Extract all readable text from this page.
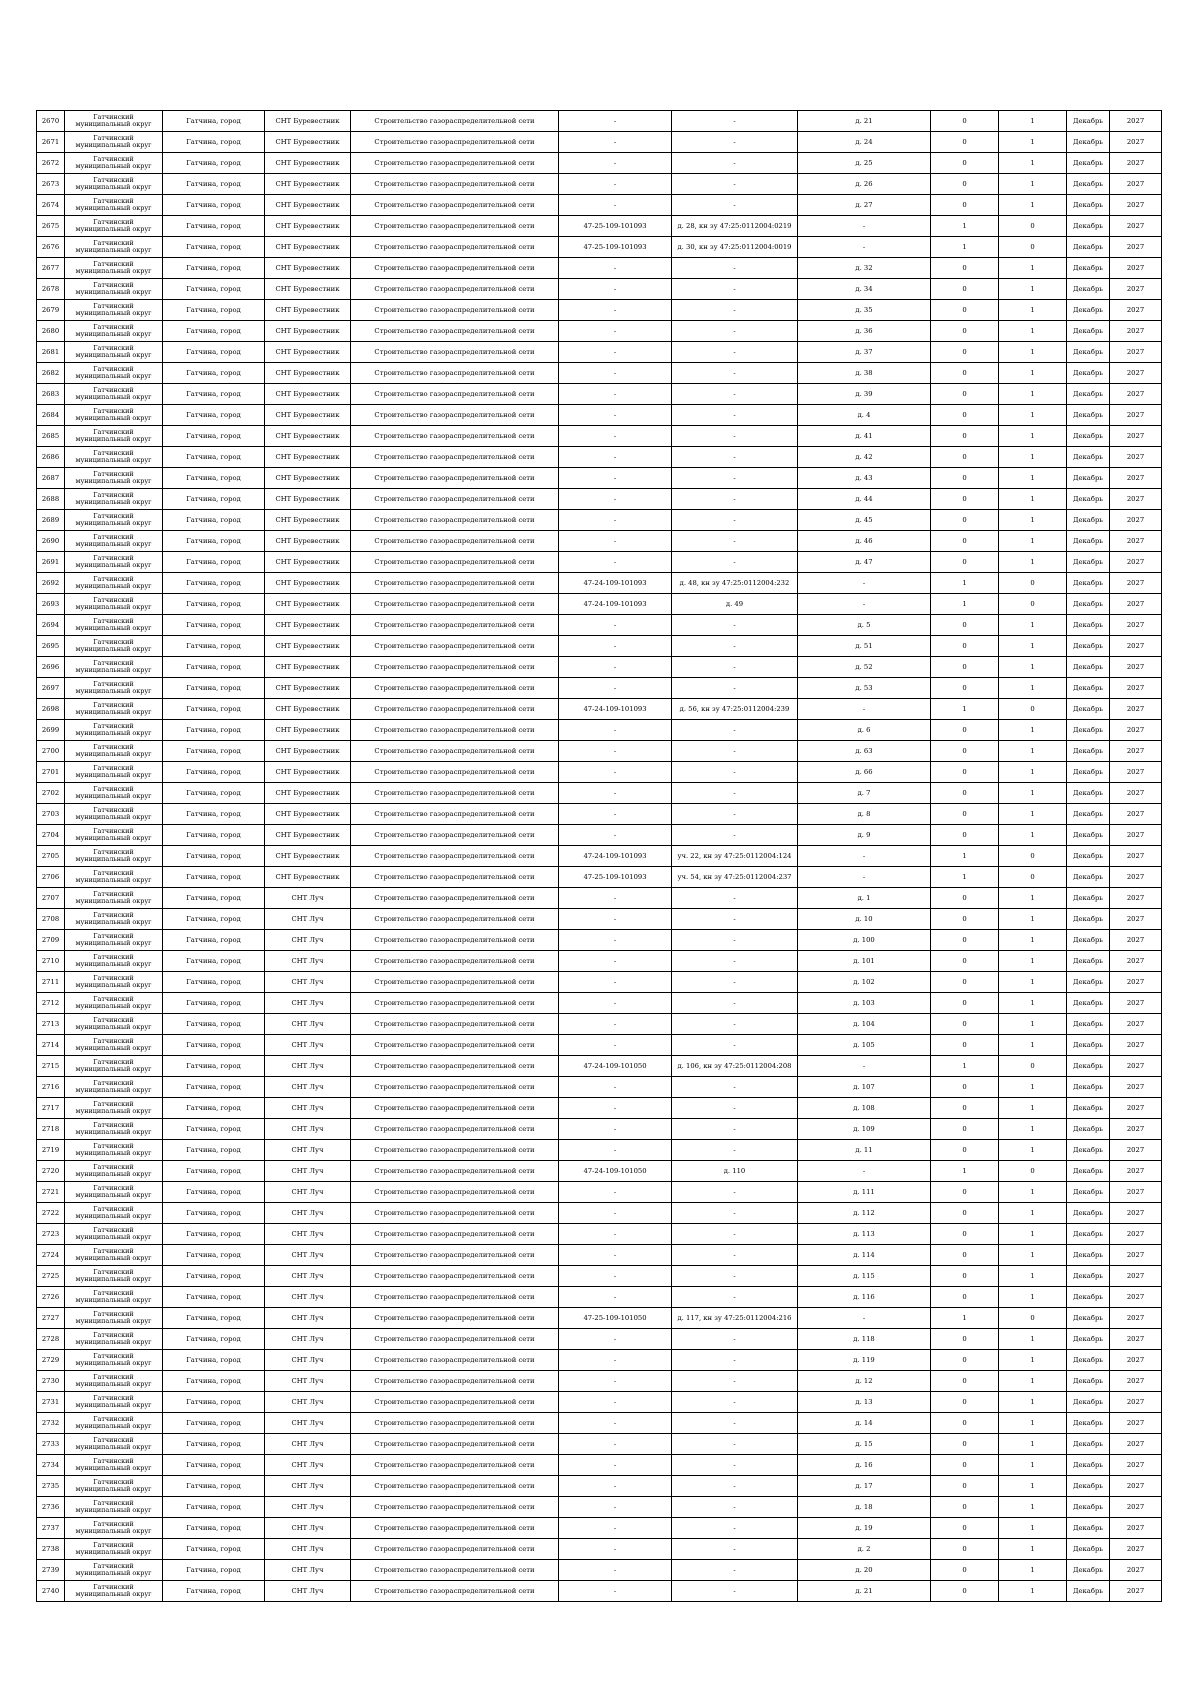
2670	Гатчинский муниципальный округ	Гатчина, город	СНТ Буревестник	Строительство газораспределительной сети	-	-	д. 21	0	1	Декабрь	2027
2671	Гатчинский муниципальный округ	Гатчина, город	СНТ Буревестник	Строительство газораспределительной сети	-	-	д. 24	0	1	Декабрь	2027
2672	Гатчинский муниципальный округ	Гатчина, город	СНТ Буревестник	Строительство газораспределительной сети	-	-	д. 25	0	1	Декабрь	2027
2673	Гатчинский муниципальный округ	Гатчина, город	СНТ Буревестник	Строительство газораспределительной сети	-	-	д. 26	0	1	Декабрь	2027
2674	Гатчинский муниципальный округ	Гатчина, город	СНТ Буревестник	Строительство газораспределительной сети	-	-	д. 27	0	1	Декабрь	2027
2675	Гатчинский муниципальный округ	Гатчина, город	СНТ Буревестник	Строительство газораспределительной сети	47-25-109-101093	д. 28, кн зу 47:25:0112004:0219	-	1	0	Декабрь	2027
2676	Гатчинский муниципальный округ	Гатчина, город	СНТ Буревестник	Строительство газораспределительной сети	47-25-109-101093	д. 30, кн зу 47:25:0112004:0019	-	1	0	Декабрь	2027
2677	Гатчинский муниципальный округ	Гатчина, город	СНТ Буревестник	Строительство газораспределительной сети	-	-	д. 32	0	1	Декабрь	2027
2678	Гатчинский муниципальный округ	Гатчина, город	СНТ Буревестник	Строительство газораспределительной сети	-	-	д. 34	0	1	Декабрь	2027
2679	Гатчинский муниципальный округ	Гатчина, город	СНТ Буревестник	Строительство газораспределительной сети	-	-	д. 35	0	1	Декабрь	2027
2680	Гатчинский муниципальный округ	Гатчина, город	СНТ Буревестник	Строительство газораспределительной сети	-	-	д. 36	0	1	Декабрь	2027
2681	Гатчинский муниципальный округ	Гатчина, город	СНТ Буревестник	Строительство газораспределительной сети	-	-	д. 37	0	1	Декабрь	2027
2682	Гатчинский муниципальный округ	Гатчина, город	СНТ Буревестник	Строительство газораспределительной сети	-	-	д. 38	0	1	Декабрь	2027
2683	Гатчинский муниципальный округ	Гатчина, город	СНТ Буревестник	Строительство газораспределительной сети	-	-	д. 39	0	1	Декабрь	2027
2684	Гатчинский муниципальный округ	Гатчина, город	СНТ Буревестник	Строительство газораспределительной сети	-	-	д. 4	0	1	Декабрь	2027
2685	Гатчинский муниципальный округ	Гатчина, город	СНТ Буревестник	Строительство газораспределительной сети	-	-	д. 41	0	1	Декабрь	2027
2686	Гатчинский муниципальный округ	Гатчина, город	СНТ Буревестник	Строительство газораспределительной сети	-	-	д. 42	0	1	Декабрь	2027
2687	Гатчинский муниципальный округ	Гатчина, город	СНТ Буревестник	Строительство газораспределительной сети	-	-	д. 43	0	1	Декабрь	2027
2688	Гатчинский муниципальный округ	Гатчина, город	СНТ Буревестник	Строительство газораспределительной сети	-	-	д. 44	0	1	Декабрь	2027
2689	Гатчинский муниципальный округ	Гатчина, город	СНТ Буревестник	Строительство газораспределительной сети	-	-	д. 45	0	1	Декабрь	2027
2690	Гатчинский муниципальный округ	Гатчина, город	СНТ Буревестник	Строительство газораспределительной сети	-	-	д. 46	0	1	Декабрь	2027
2691	Гатчинский муниципальный округ	Гатчина, город	СНТ Буревестник	Строительство газораспределительной сети	-	-	д. 47	0	1	Декабрь	2027
2692	Гатчинский муниципальный округ	Гатчина, город	СНТ Буревестник	Строительство газораспределительной сети	47-24-109-101093	д. 48, кн зу 47:25:0112004:232	-	1	0	Декабрь	2027
2693	Гатчинский муниципальный округ	Гатчина, город	СНТ Буревестник	Строительство газораспределительной сети	47-24-109-101093	д. 49	-	1	0	Декабрь	2027
2694	Гатчинский муниципальный округ	Гатчина, город	СНТ Буревестник	Строительство газораспределительной сети	-	-	д. 5	0	1	Декабрь	2027
2695	Гатчинский муниципальный округ	Гатчина, город	СНТ Буревестник	Строительство газораспределительной сети	-	-	д. 51	0	1	Декабрь	2027
2696	Гатчинский муниципальный округ	Гатчина, город	СНТ Буревестник	Строительство газораспределительной сети	-	-	д. 52	0	1	Декабрь	2027
2697	Гатчинский муниципальный округ	Гатчина, город	СНТ Буревестник	Строительство газораспределительной сети	-	-	д. 53	0	1	Декабрь	2027
2698	Гатчинский муниципальный округ	Гатчина, город	СНТ Буревестник	Строительство газораспределительной сети	47-24-109-101093	д. 56, кн зу 47:25:0112004:239	-	1	0	Декабрь	2027
2699	Гатчинский муниципальный округ	Гатчина, город	СНТ Буревестник	Строительство газораспределительной сети	-	-	д. 6	0	1	Декабрь	2027
2700	Гатчинский муниципальный округ	Гатчина, город	СНТ Буревестник	Строительство газораспределительной сети	-	-	д. 63	0	1	Декабрь	2027
2701	Гатчинский муниципальный округ	Гатчина, город	СНТ Буревестник	Строительство газораспределительной сети	-	-	д. 66	0	1	Декабрь	2027
2702	Гатчинский муниципальный округ	Гатчина, город	СНТ Буревестник	Строительство газораспределительной сети	-	-	д. 7	0	1	Декабрь	2027
2703	Гатчинский муниципальный округ	Гатчина, город	СНТ Буревестник	Строительство газораспределительной сети	-	-	д. 8	0	1	Декабрь	2027
2704	Гатчинский муниципальный округ	Гатчина, город	СНТ Буревестник	Строительство газораспределительной сети	-	-	д. 9	0	1	Декабрь	2027
2705	Гатчинский муниципальный округ	Гатчина, город	СНТ Буревестник	Строительство газораспределительной сети	47-24-109-101093	уч. 22, кн зу 47:25:0112004:124	-	1	0	Декабрь	2027
2706	Гатчинский муниципальный округ	Гатчина, город	СНТ Буревестник	Строительство газораспределительной сети	47-25-109-101093	уч. 54, кн зу 47:25:0112004:237	-	1	0	Декабрь	2027
2707	Гатчинский муниципальный округ	Гатчина, город	СНТ Луч	Строительство газораспределительной сети	-	-	д. 1	0	1	Декабрь	2027
2708	Гатчинский муниципальный округ	Гатчина, город	СНТ Луч	Строительство газораспределительной сети	-	-	д. 10	0	1	Декабрь	2027
2709	Гатчинский муниципальный округ	Гатчина, город	СНТ Луч	Строительство газораспределительной сети	-	-	д. 100	0	1	Декабрь	2027
2710	Гатчинский муниципальный округ	Гатчина, город	СНТ Луч	Строительство газораспределительной сети	-	-	д. 101	0	1	Декабрь	2027
2711	Гатчинский муниципальный округ	Гатчина, город	СНТ Луч	Строительство газораспределительной сети	-	-	д. 102	0	1	Декабрь	2027
2712	Гатчинский муниципальный округ	Гатчина, город	СНТ Луч	Строительство газораспределительной сети	-	-	д. 103	0	1	Декабрь	2027
2713	Гатчинский муниципальный округ	Гатчина, город	СНТ Луч	Строительство газораспределительной сети	-	-	д. 104	0	1	Декабрь	2027
2714	Гатчинский муниципальный округ	Гатчина, город	СНТ Луч	Строительство газораспределительной сети	-	-	д. 105	0	1	Декабрь	2027
2715	Гатчинский муниципальный округ	Гатчина, город	СНТ Луч	Строительство газораспределительной сети	47-24-109-101050	д. 106, кн зу 47:25:0112004:208	-	1	0	Декабрь	2027
2716	Гатчинский муниципальный округ	Гатчина, город	СНТ Луч	Строительство газораспределительной сети	-	-	д. 107	0	1	Декабрь	2027
2717	Гатчинский муниципальный округ	Гатчина, город	СНТ Луч	Строительство газораспределительной сети	-	-	д. 108	0	1	Декабрь	2027
2718	Гатчинский муниципальный округ	Гатчина, город	СНТ Луч	Строительство газораспределительной сети	-	-	д. 109	0	1	Декабрь	2027
2719	Гатчинский муниципальный округ	Гатчина, город	СНТ Луч	Строительство газораспределительной сети	-	-	д. 11	0	1	Декабрь	2027
2720	Гатчинский муниципальный округ	Гатчина, город	СНТ Луч	Строительство газораспределительной сети	47-24-109-101050	д. 110	-	1	0	Декабрь	2027
2721	Гатчинский муниципальный округ	Гатчина, город	СНТ Луч	Строительство газораспределительной сети	-	-	д. 111	0	1	Декабрь	2027
2722	Гатчинский муниципальный округ	Гатчина, город	СНТ Луч	Строительство газораспределительной сети	-	-	д. 112	0	1	Декабрь	2027
2723	Гатчинский муниципальный округ	Гатчина, город	СНТ Луч	Строительство газораспределительной сети	-	-	д. 113	0	1	Декабрь	2027
2724	Гатчинский муниципальный округ	Гатчина, город	СНТ Луч	Строительство газораспределительной сети	-	-	д. 114	0	1	Декабрь	2027
2725	Гатчинский муниципальный округ	Гатчина, город	СНТ Луч	Строительство газораспределительной сети	-	-	д. 115	0	1	Декабрь	2027
2726	Гатчинский муниципальный округ	Гатчина, город	СНТ Луч	Строительство газораспределительной сети	-	-	д. 116	0	1	Декабрь	2027
2727	Гатчинский муниципальный округ	Гатчина, город	СНТ Луч	Строительство газораспределительной сети	47-25-109-101050	д. 117, кн зу 47:25:0112004:216	-	1	0	Декабрь	2027
2728	Гатчинский муниципальный округ	Гатчина, город	СНТ Луч	Строительство газораспределительной сети	-	-	д. 118	0	1	Декабрь	2027
2729	Гатчинский муниципальный округ	Гатчина, город	СНТ Луч	Строительство газораспределительной сети	-	-	д. 119	0	1	Декабрь	2027
2730	Гатчинский муниципальный округ	Гатчина, город	СНТ Луч	Строительство газораспределительной сети	-	-	д. 12	0	1	Декабрь	2027
2731	Гатчинский муниципальный округ	Гатчина, город	СНТ Луч	Строительство газораспределительной сети	-	-	д. 13	0	1	Декабрь	2027
2732	Гатчинский муниципальный округ	Гатчина, город	СНТ Луч	Строительство газораспределительной сети	-	-	д. 14	0	1	Декабрь	2027
2733	Гатчинский муниципальный округ	Гатчина, город	СНТ Луч	Строительство газораспределительной сети	-	-	д. 15	0	1	Декабрь	2027
2734	Гатчинский муниципальный округ	Гатчина, город	СНТ Луч	Строительство газораспределительной сети	-	-	д. 16	0	1	Декабрь	2027
2735	Гатчинский муниципальный округ	Гатчина, город	СНТ Луч	Строительство газораспределительной сети	-	-	д. 17	0	1	Декабрь	2027
2736	Гатчинский муниципальный округ	Гатчина, город	СНТ Луч	Строительство газораспределительной сети	-	-	д. 18	0	1	Декабрь	2027
2737	Гатчинский муниципальный округ	Гатчина, город	СНТ Луч	Строительство газораспределительной сети	-	-	д. 19	0	1	Декабрь	2027
2738	Гатчинский муниципальный округ	Гатчина, город	СНТ Луч	Строительство газораспределительной сети	-	-	д. 2	0	1	Декабрь	2027
2739	Гатчинский муниципальный округ	Гатчина, город	СНТ Луч	Строительство газораспределительной сети	-	-	д. 20	0	1	Декабрь	2027
2740	Гатчинский муниципальный округ	Гатчина, город	СНТ Луч	Строительство газораспределительной сети	-	-	д. 21	0	1	Декабрь	2027
